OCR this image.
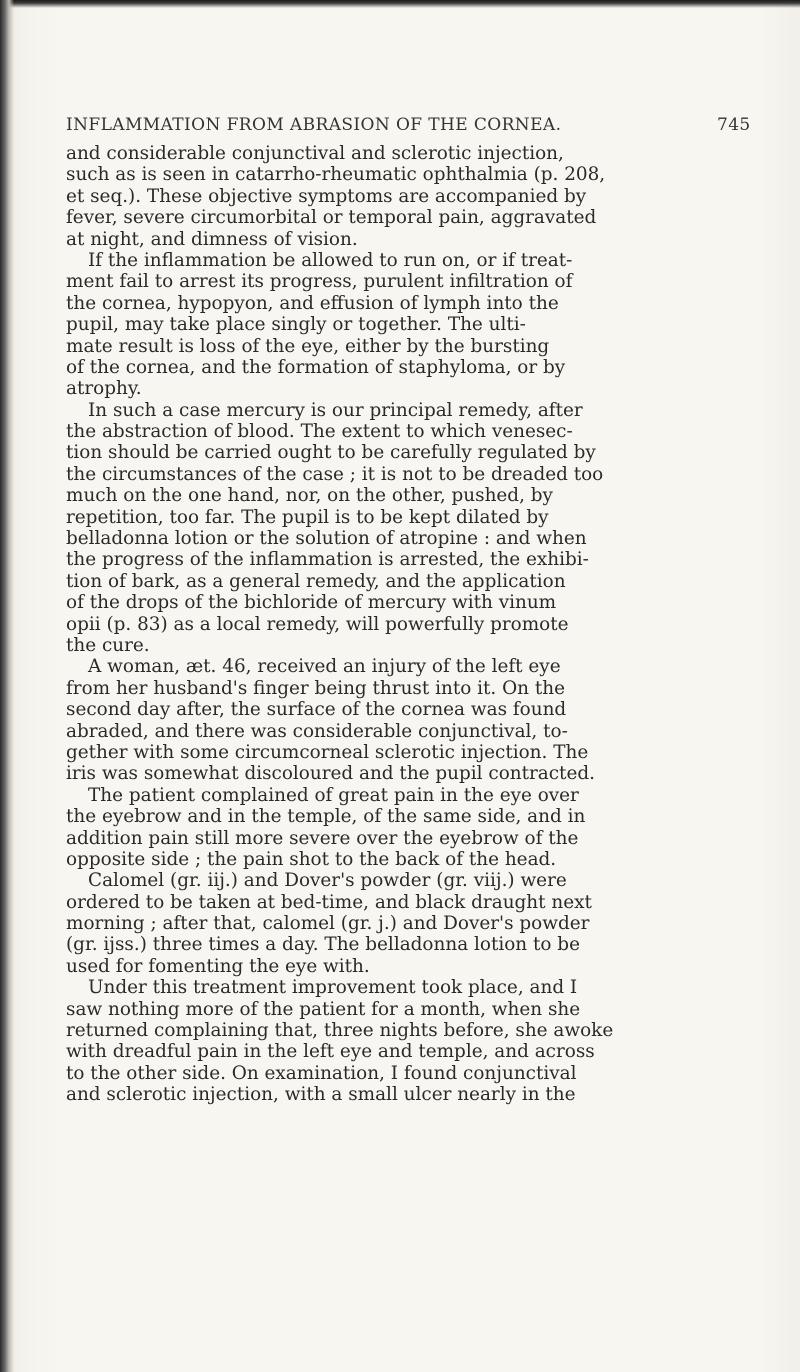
INFLAMMATION FROM ABRASION OF THE CORNEA.	745
and considerable conjunctival and sclerotic injection,
such as is seen in catarrho-rheumatic ophthalmia (p. 208,
et seq.). These objective symptoms are accompanied by
fever, severe circumorbital or temporal pain, aggravated
at night, and dimness of vision.
If the inflammation be allowed to run on, or if treat-
ment fail to arrest its progress, purulent infiltration of
the cornea, hypopyon, and effusion of lymph into the
pupil, may take place singly or together. The ulti-
mate result is loss of the eye, either by the bursting
of the cornea, and the formation of staphyloma, or by
atrophy.
In such a case mercury is our principal remedy, after
the abstraction of blood. The extent to which venesec-
tion should be carried ought to be carefully regulated by
the circumstances of the case ; it is not to be dreaded too
much on the one hand, nor, on the other, pushed, by
repetition, too far. The pupil is to be kept dilated by
belladonna lotion or the solution of atropine : and when
the progress of the inflammation is arrested, the exhibi-
tion of bark, as a general remedy, and the application
of the drops of the bichloride of mercury with vinum
opii (p. 83) as a local remedy, will powerfully promote
the cure.
A woman, æt. 46, received an injury of the left eye
from her husband's finger being thrust into it. On the
second day after, the surface of the cornea was found
abraded, and there was considerable conjunctival, to-
gether with some circumcorneal sclerotic injection. The
iris was somewhat discoloured and the pupil contracted.
The patient complained of great pain in the eye over
the eyebrow and in the temple, of the same side, and in
addition pain still more severe over the eyebrow of the
opposite side ; the pain shot to the back of the head.
Calomel (gr. iij.) and Dover's powder (gr. viij.) were
ordered to be taken at bed-time, and black draught next
morning ; after that, calomel (gr. j.) and Dover's powder
(gr. ijss.) three times a day. The belladonna lotion to be
used for fomenting the eye with.
Under this treatment improvement took place, and I
saw nothing more of the patient for a month, when she
returned complaining that, three nights before, she awoke
with dreadful pain in the left eye and temple, and across
to the other side. On examination, I found conjunctival
and sclerotic injection, with a small ulcer nearly in the
